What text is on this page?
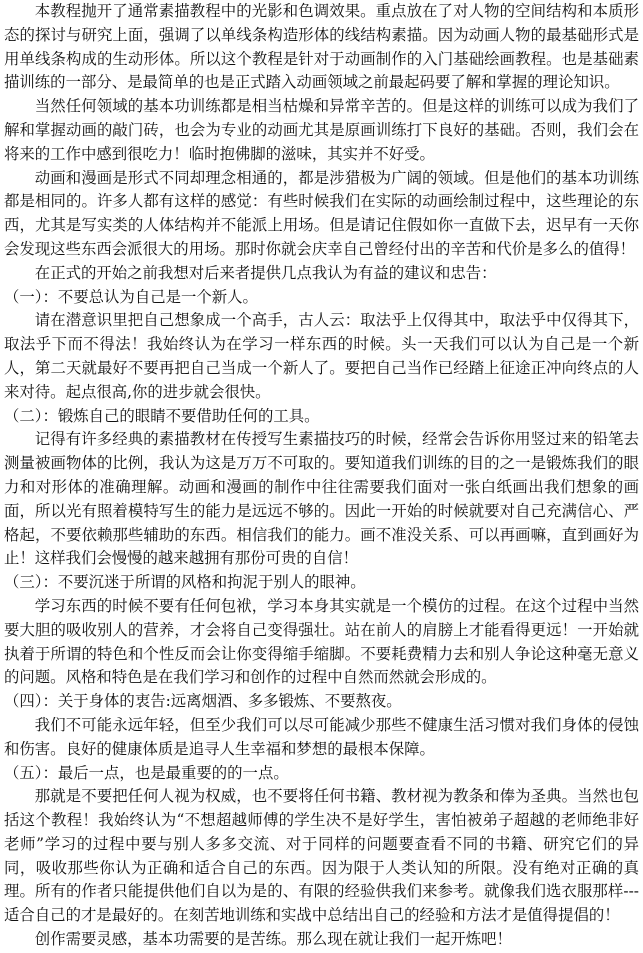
本教程抛开了通常素描教程中的光影和色调效果。重点放在了对人物的空间结构和本质形态的探讨与研究上面，强调了以单线条构造形体的线结构素描。因为动画人物的最基础形式是用单线条构成的生动形体。所以这个教程是针对于动画制作的入门基础绘画教程。也是基础素描训练的一部分、是最简单的也是正式踏入动画领域之前最起码要了解和掌握的理论知识。

当然任何领域的基本功训练都是相当枯燥和异常辛苦的。但是这样的训练可以成为我们了解和掌握动画的敲门砖，也会为专业的动画尤其是原画训练打下良好的基础。否则，我们会在将来的工作中感到很吃力！临时抱佛脚的滋味，其实并不好受。

动画和漫画是形式不同却理念相通的，都是涉猎极为广阔的领域。但是他们的基本功训练都是相同的。许多人都有这样的感觉：有些时候我们在实际的动画绘制过程中，这些理论的东西，尤其是写实类的人体结构并不能派上用场。但是请记住假如你一直做下去，迟早有一天你会发现这些东西会派很大的用场。那时你就会庆幸自己曾经付出的辛苦和代价是多么的值得！

在正式的开始之前我想对后来者提供几点我认为有益的建议和忠告：

（一）：不要总认为自己是一个新人。

请在潜意识里把自己想象成一个高手，古人云：取法乎上仅得其中，取法乎中仅得其下，取法乎下而不得法！我始终认为在学习一样东西的时候。头一天我们可以认为自己是一个新人，第二天就最好不要再把自己当成一个新人了。要把自己当作已经踏上征途正冲向终点的人来对待。起点很高,你的进步就会很快。

（二）：锻炼自己的眼睛不要借助任何的工具。

记得有许多经典的素描教材在传授写生素描技巧的时候，经常会告诉你用竖过来的铅笔去测量被画物体的比例，我认为这是万万不可取的。要知道我们训练的目的之一是锻炼我们的眼力和对形体的准确理解。动画和漫画的制作中往往需要我们面对一张白纸画出我们想象的画面，所以光有照着模特写生的能力是远远不够的。因此一开始的时候就要对自己充满信心、严格起，不要依赖那些辅助的东西。相信我们的能力。画不准没关系、可以再画嘛，直到画好为止！这样我们会慢慢的越来越拥有那份可贵的自信！

（三）：不要沉迷于所谓的风格和拘泥于别人的眼神。

学习东西的时候不要有任何包袱，学习本身其实就是一个模仿的过程。在这个过程中当然要大胆的吸收别人的营养，才会将自己变得强壮。站在前人的肩膀上才能看得更远！一开始就执着于所谓的特色和个性反而会让你变得缩手缩脚。不要耗费精力去和别人争论这种毫无意义的问题。风格和特色是在我们学习和创作的过程中自然而然就会形成的。

（四）：关于身体的衷告:远离烟酒、多多锻炼、不要熬夜。

我们不可能永远年轻，但至少我们可以尽可能减少那些不健康生活习惯对我们身体的侵蚀和伤害。良好的健康体质是追寻人生幸福和梦想的最根本保障。

（五）：最后一点，也是最重要的的一点。

那就是不要把任何人视为权威，也不要将任何书籍、教材视为教条和俸为圣典。当然也包括这个教程！我始终认为“不想超越师傅的学生决不是好学生，害怕被弟子超越的老师绝非好老师”学习的过程中要与别人多多交流、对于同样的问题要查看不同的书籍、研究它们的异同，吸收那些你认为正确和适合自己的东西。因为限于人类认知的所限。没有绝对正确的真理。所有的作者只能提供他们自以为是的、有限的经验供我们来参考。就像我们选衣服那样---适合自己的才是最好的。在刻苦地训练和实战中总结出自己的经验和方法才是值得提倡的！

创作需要灵感，基本功需要的是苦练。那么现在就让我们一起开炼吧！
